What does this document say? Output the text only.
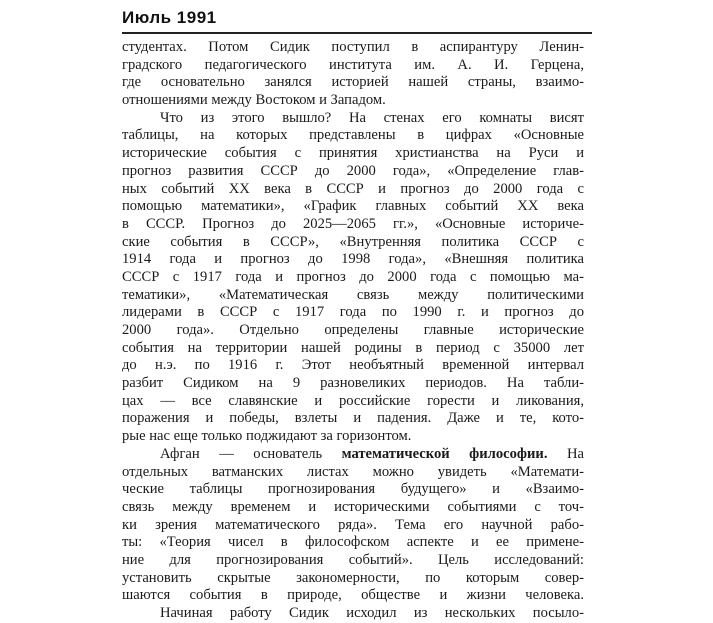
Июль 1991
студентах. Потом Сидик поступил в аспирантуру Ленин-
градского педагогического института им. А. И. Герцена,
где основательно занялся историей нашей страны, взаимо-
отношениями между Востоком и Западом.
Что из этого вышло? На стенах его комнаты висят
таблицы, на которых представлены в цифрах «Основные
исторические события с принятия христианства на Руси и
прогноз развития СССР до 2000 года», «Определение глав-
ных событий XX века в СССР и прогноз до 2000 года с
помощью математики», «График главных событий XX века
в СССР. Прогноз до 2025—2065 гг.», «Основные историче-
ские события в СССР», «Внутренняя политика СССР с
1914 года и прогноз до 1998 года», «Внешняя политика
СССР с 1917 года и прогноз до 2000 года с помощью ма-
тематики», «Математическая связь между политическими
лидерами в СССР с 1917 года по 1990 г. и прогноз до
2000 года». Отдельно определены главные исторические
события на территории нашей родины в период с 35000 лет
до н.э. по 1916 г. Этот необъятный временной интервал
разбит Сидиком на 9 разновеликих периодов. На табли-
цах — все славянские и российские горести и ликования,
поражения и победы, взлеты и падения. Даже и те, кото-
рые нас еще только поджидают за горизонтом.
Афган — основатель математической философии. На
отдельных ватманских листах можно увидеть «Математи-
ческие таблицы прогнозирования будущего» и «Взаимо-
связь между временем и историческими событиями с точ-
ки зрения математического ряда». Тема его научной рабо-
ты: «Теория чисел в философском аспекте и ее примене-
ние для прогнозирования событий». Цель исследований:
установить скрытые закономерности, по которым совер-
шаются события в природе, обществе и жизни человека.
Начиная работу Сидик исходил из нескольких посыло-
